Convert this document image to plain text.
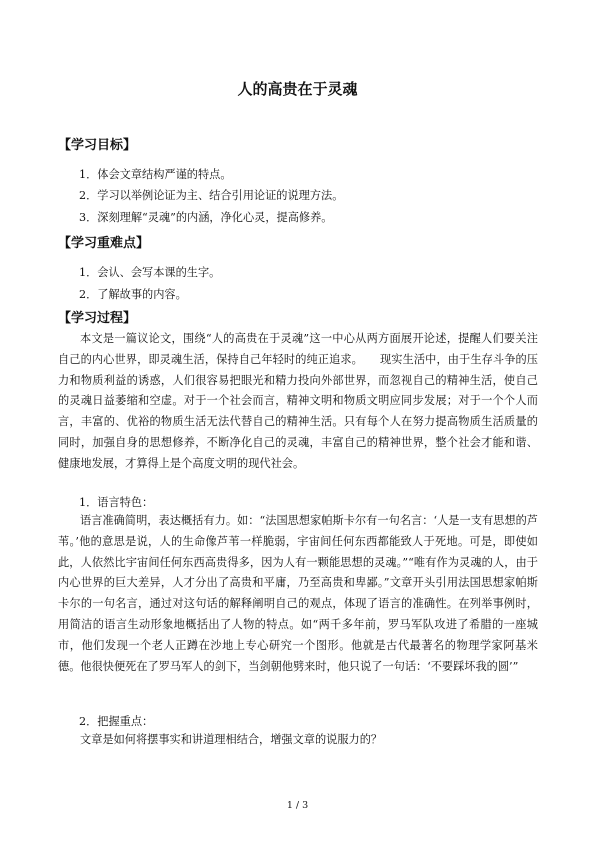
人的高贵在于灵魂
【学习目标】
1．体会文章结构严谨的特点。
2．学习以举例论证为主、结合引用论证的说理方法。
3．深刻理解“灵魂”的内涵，净化心灵，提高修养。
【学习重难点】
1．会认、会写本课的生字。
2．了解故事的内容。
【学习过程】

本文是一篇议论文，围绕“人的高贵在于灵魂”这一中心从两方面展开论述，提醒人们要关注自己的内心世界，即灵魂生活，保持自己年轻时的纯正追求。　　现实生活中，由于生存斗争的压力和物质利益的诱惑，人们很容易把眼光和精力投向外部世界，而忽视自己的精神生活，使自己的灵魂日益萎缩和空虚。对于一个社会而言，精神文明和物质文明应同步发展；对于一个个人而言，丰富的、优裕的物质生活无法代替自己的精神生活。只有每个人在努力提高物质生活质量的同时，加强自身的思想修养，不断净化自己的灵魂，丰富自己的精神世界，整个社会才能和谐、健康地发展，才算得上是个高度文明的现代社会。

1．语言特色：

语言准确简明，表达概括有力。如：“法国思想家帕斯卡尔有一句名言：‘人是一支有思想的芦苇。’他的意思是说，人的生命像芦苇一样脆弱，宇宙间任何东西都能致人于死地。可是，即使如此，人依然比宇宙间任何东西高贵得多，因为人有一颗能思想的灵魂。”“唯有作为灵魂的人，由于内心世界的巨大差异，人才分出了高贵和平庸，乃至高贵和卑鄙。”文章开头引用法国思想家帕斯卡尔的一句名言，通过对这句话的解释阐明自己的观点，体现了语言的准确性。在列举事例时，用简洁的语言生动形象地概括出了人物的特点。如“两千多年前，罗马军队攻进了希腊的一座城市，他们发现一个老人正蹲在沙地上专心研究一个图形。他就是古代最著名的物理学家阿基米德。他很快便死在了罗马军人的剑下，当剑朝他劈来时，他只说了一句话：‘不要踩坏我的圆’”

2．把握重点：

文章是如何将摆事实和讲道理相结合，增强文章的说服力的？

1 / 3
